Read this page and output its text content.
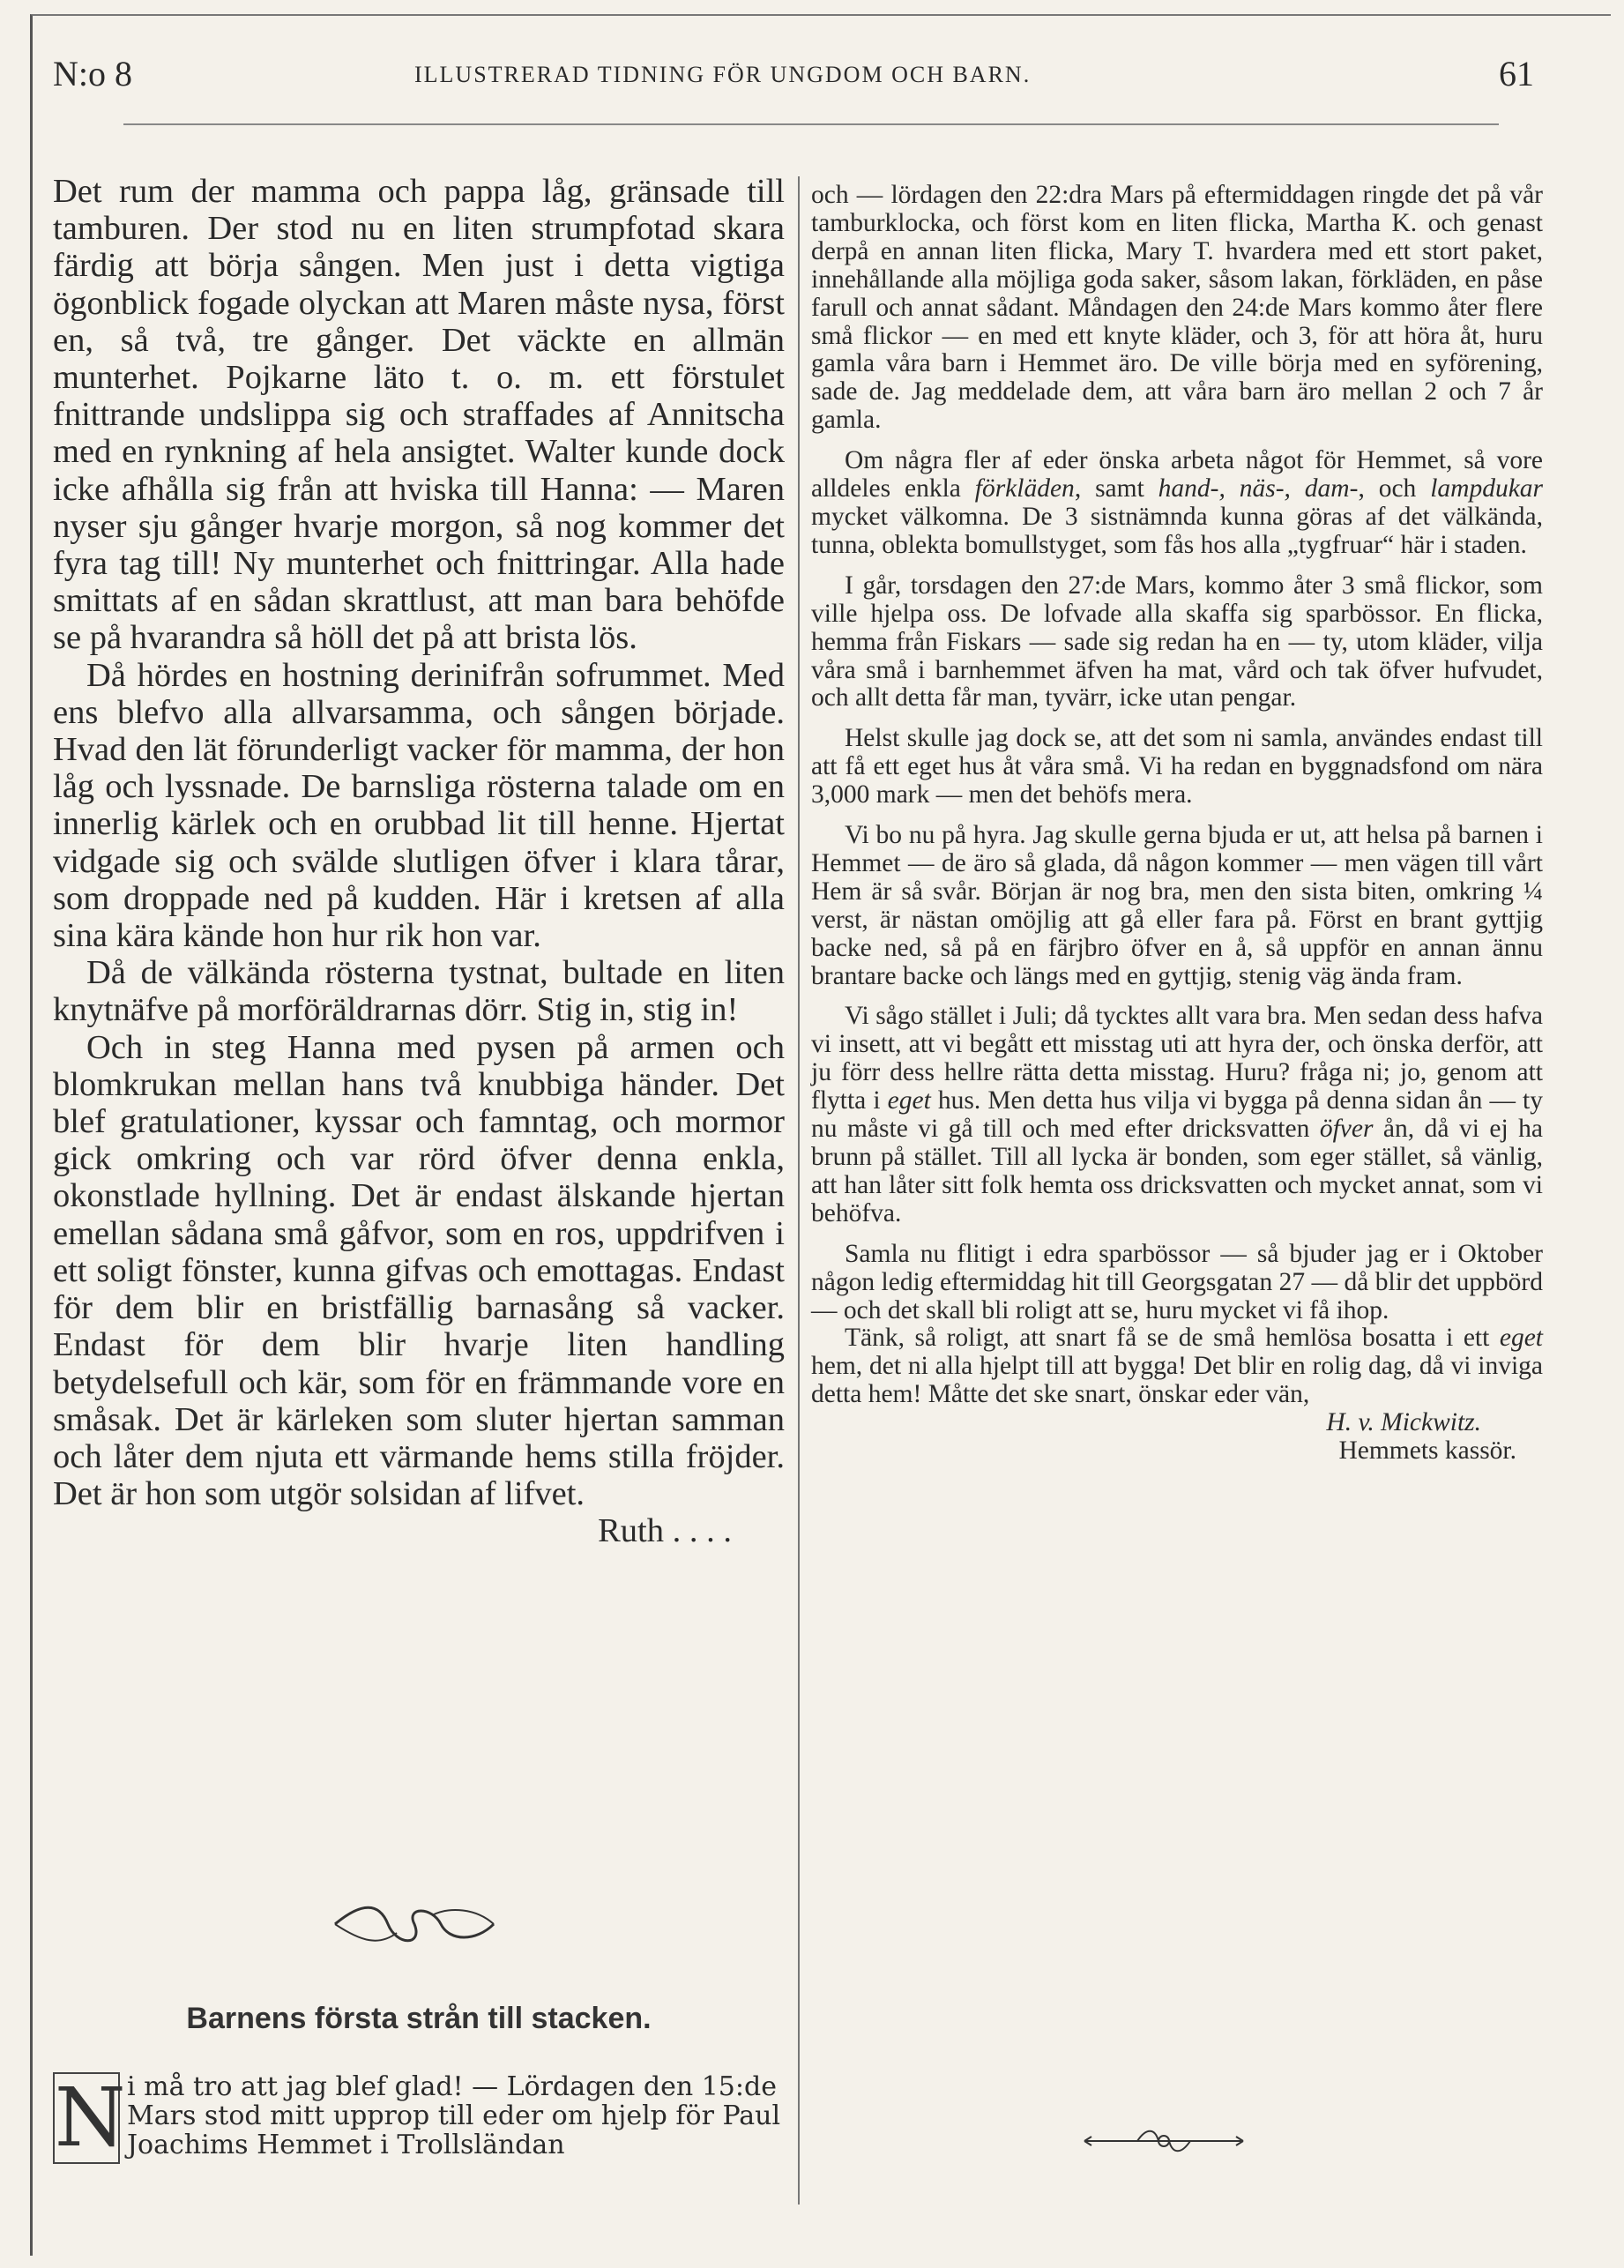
N:o 8	ILLUSTRERAD TIDNING FÖR UNGDOM OCH BARN.	61

Det rum der mamma och pappa låg, gränsade till tamburen. Der stod nu en liten strumpfotad skara färdig att börja sången. Men just i detta vigtiga ögonblick fogade olyckan att Maren måste nysa, först en, så två, tre gånger. Det väckte en allmän munterhet. Pojkarne läto t. o. m. ett förstulet fnittrande undslippa sig och straffades af Annitscha med en rynkning af hela ansigtet. Walter kunde dock icke afhålla sig från att hviska till Hanna: — Maren nyser sju gånger hvarje morgon, så nog kommer det fyra tag till! Ny munterhet och fnittringar. Alla hade smittats af en sådan skrattlust, att man bara behöfde se på hvarandra så höll det på att brista lös.

Då hördes en hostning derinifrån sofrummet. Med ens blefvo alla allvarsamma, och sången började. Hvad den lät förunderligt vacker för mamma, der hon låg och lyssnade. De barnsliga rösterna talade om en innerlig kärlek och en orubbad lit till henne. Hjertat vidgade sig och svälde slutligen öfver i klara tårar, som droppade ned på kudden. Här i kretsen af alla sina kära kände hon hur rik hon var.

Då de välkända rösterna tystnat, bultade en liten knytnäfve på morföräldrarnas dörr. Stig in, stig in!

Och in steg Hanna med pysen på armen och blomkrukan mellan hans två knubbiga händer. Det blef gratulationer, kyssar och famntag, och mormor gick omkring och var rörd öfver denna enkla, okonstlade hyllning. Det är endast älskande hjertan emellan sådana små gåfvor, som en ros, uppdrifven i ett soligt fönster, kunna gifvas och emottagas. Endast för dem blir en bristfällig barnasång så vacker. Endast för dem blir hvarje liten handling betydelsefull och kär, som för en främmande vore en småsak. Det är kärleken som sluter hjertan samman och låter dem njuta ett värmande hems stilla fröjder. Det är hon som utgör solsidan af lifvet.

Ruth . . . .

Barnens första strån till stacken.
N i må tro att jag blef glad! — Lördagen den 15:de Mars stod mitt upprop till eder om hjelp för Paul Joachims Hemmet i Trollsländan

och — lördagen den 22:dra Mars på eftermiddagen ringde det på vår tamburklocka, och först kom en liten flicka, Martha K. och genast derpå en annan liten flicka, Mary T. hvardera med ett stort paket, innehållande alla möjliga goda saker, såsom lakan, förkläden, en påse farull och annat sådant. Måndagen den 24:de Mars kommo åter flere små flickor — en med ett knyte kläder, och 3, för att höra åt, huru gamla våra barn i Hemmet äro. De ville börja med en syförening, sade de. Jag meddelade dem, att våra barn äro mellan 2 och 7 år gamla.

Om några fler af eder önska arbeta något för Hemmet, så vore alldeles enkla förkläden, samt hand-, näs-, dam-, och lampdukar mycket välkomna. De 3 sistnämnda kunna göras af det välkända, tunna, oblekta bomullstyget, som fås hos alla „tygfruar“ här i staden.

I går, torsdagen den 27:de Mars, kommo åter 3 små flickor, som ville hjelpa oss. De lofvade alla skaffa sig sparbössor. En flicka, hemma från Fiskars — sade sig redan ha en — ty, utom kläder, vilja våra små i barnhemmet äfven ha mat, vård och tak öfver hufvudet, och allt detta får man, tyvärr, icke utan pengar.

Helst skulle jag dock se, att det som ni samla, användes endast till att få ett eget hus åt våra små. Vi ha redan en byggnadsfond om nära 3,000 mark — men det behöfs mera.

Vi bo nu på hyra. Jag skulle gerna bjuda er ut, att helsa på barnen i Hemmet — de äro så glada, då någon kommer — men vägen till vårt Hem är så svår. Början är nog bra, men den sista biten, omkring ¼ verst, är nästan omöjlig att gå eller fara på. Först en brant gyttjig backe ned, så på en färjbro öfver en å, så uppför en annan ännu brantare backe och längs med en gyttjig, stenig väg ända fram.

Vi sågo stället i Juli; då tycktes allt vara bra. Men sedan dess hafva vi insett, att vi begått ett misstag uti att hyra der, och önska derför, att ju förr dess hellre rätta detta misstag. Huru? fråga ni; jo, genom att flytta i eget hus. Men detta hus vilja vi bygga på denna sidan ån — ty nu måste vi gå till och med efter dricksvatten öfver ån, då vi ej ha brunn på stället. Till all lycka är bonden, som eger stället, så vänlig, att han låter sitt folk hemta oss dricksvatten och mycket annat, som vi behöfva.

Samla nu flitigt i edra sparbössor — så bjuder jag er i Oktober någon ledig eftermiddag hit till Georgsgatan 27 — då blir det uppbörd — och det skall bli roligt att se, huru mycket vi få ihop.

Tänk, så roligt, att snart få se de små hemlösa bosatta i ett eget hem, det ni alla hjelpt till att bygga! Det blir en rolig dag, då vi inviga detta hem! Måtte det ske snart, önskar eder vän,

H. v. Mickwitz.

Hemmets kassör.
